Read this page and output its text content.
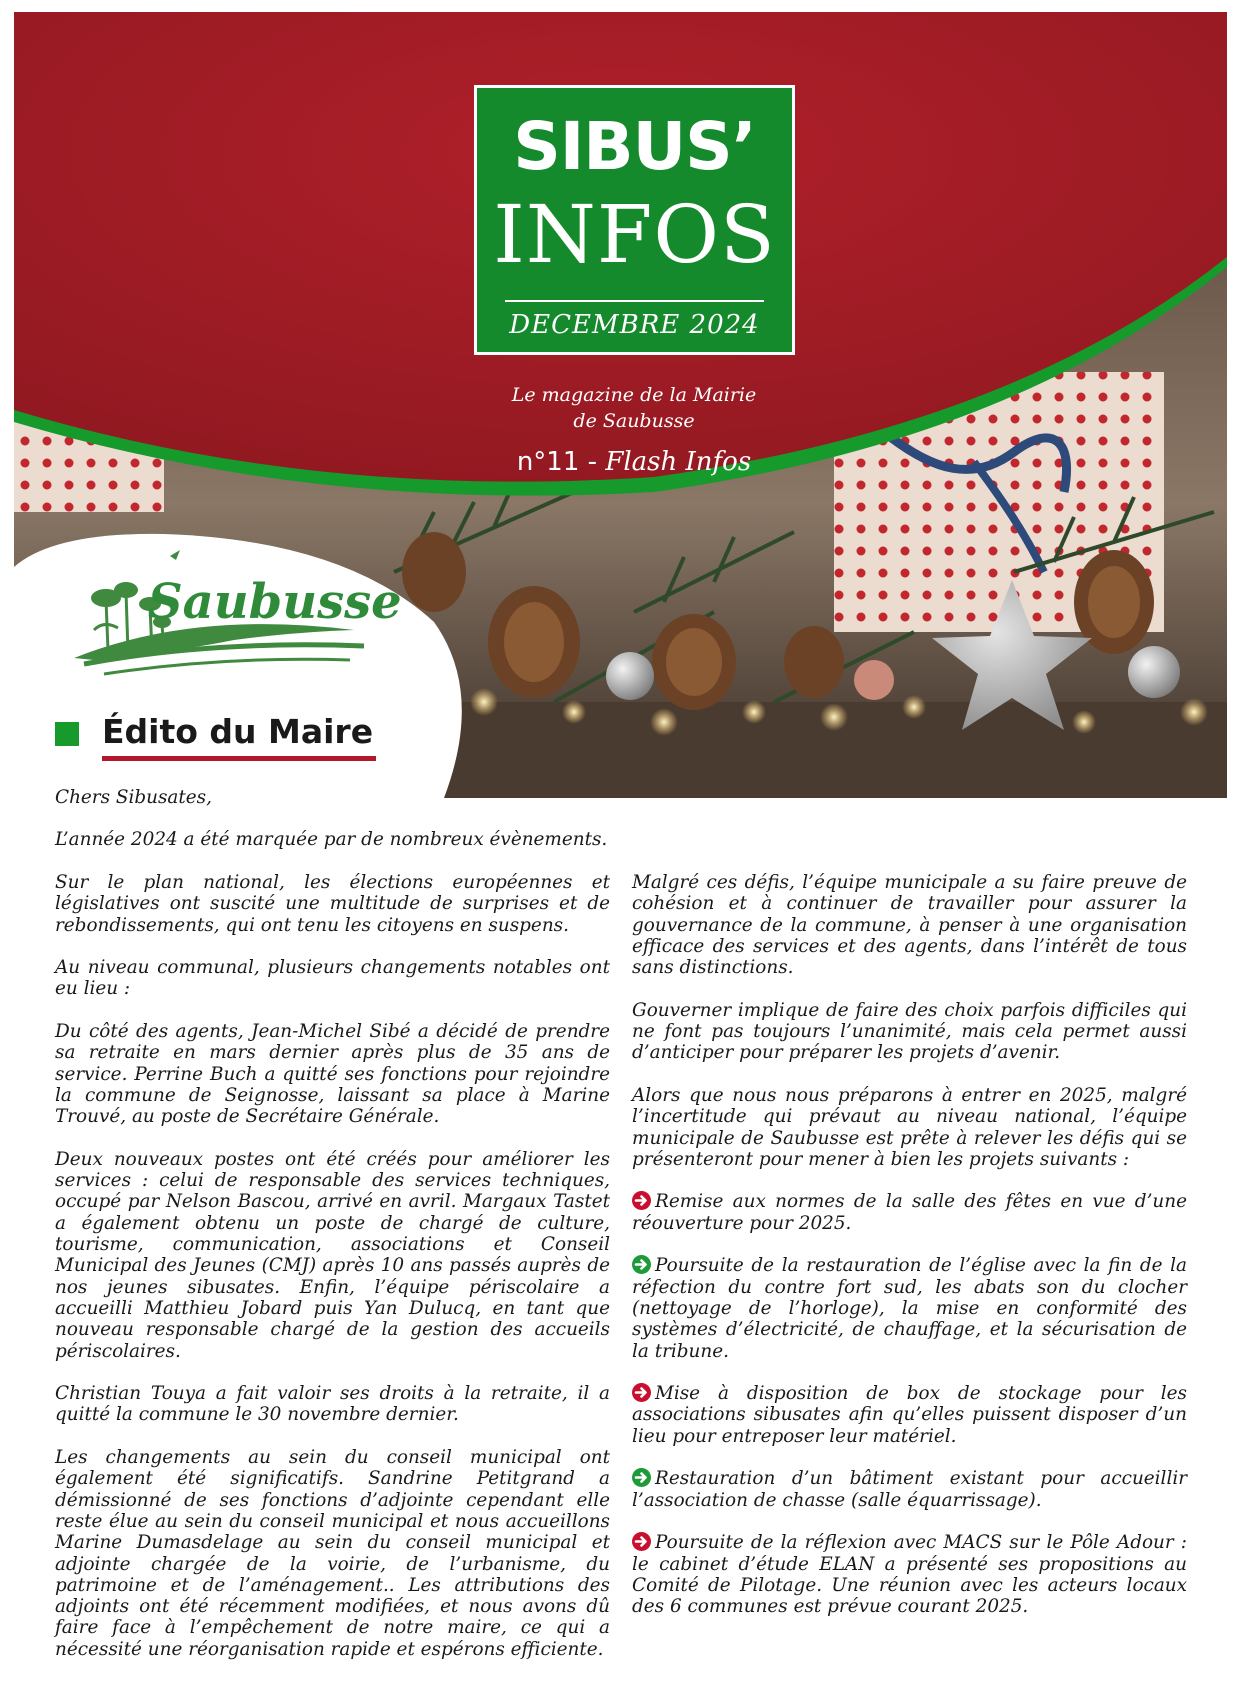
SIBUS’
INFOS
DECEMBRE 2024
Le magazine de la Mairie
de Saubusse
n°11 - Flash Infos
Saubusse
Édito du Maire

Chers Sibusates,

L’année 2024 a été marquée par de nombreux évènements.

Sur le plan national, les élections européennes et législatives ont suscité une multitude de surprises et de rebondissements, qui ont tenu les citoyens en suspens.

Au niveau communal, plusieurs changements notables ont eu lieu :

Du côté des agents, Jean-Michel Sibé a décidé de prendre sa retraite en mars dernier après plus de 35 ans de service. Perrine Buch a quitté ses fonctions pour rejoindre la commune de Seignosse, laissant sa place à Marine Trouvé, au poste de Secrétaire Générale.

Deux nouveaux postes ont été créés pour améliorer les services : celui de responsable des services techniques, occupé par Nelson Bascou, arrivé en avril. Margaux Tastet a également obtenu un poste de chargé de culture, tourisme, communication, associations et Conseil Municipal des Jeunes (CMJ) après 10 ans passés auprès de nos jeunes sibusates. Enfin, l’équipe périscolaire a accueilli Matthieu Jobard puis Yan Dulucq, en tant que nouveau responsable chargé de la gestion des accueils périscolaires.

Christian Touya a fait valoir ses droits à la retraite, il a quitté la commune le 30 novembre dernier.

Les changements au sein du conseil municipal ont également été significatifs. Sandrine Petitgrand a démissionné de ses fonctions d’adjointe cependant elle reste élue au sein du conseil municipal et nous accueillons Marine Dumasdelage au sein du conseil municipal et adjointe chargée de la voirie, de l’urbanisme, du patrimoine et de l’aménagement.. Les attributions des adjoints ont été récemment modifiées, et nous avons dû faire face à l’empêchement de notre maire, ce qui a nécessité une réorganisation rapide et espérons efficiente.

Malgré ces défis, l’équipe municipale a su faire preuve de cohésion et à continuer de travailler pour assurer la gouvernance de la commune, à penser à une organisation efficace des services et des agents, dans l’intérêt de tous sans distinctions.

Gouverner implique de faire des choix parfois difficiles qui ne font pas toujours l’unanimité, mais cela permet aussi d’anticiper pour préparer les projets d’avenir.

Alors que nous nous préparons à entrer en 2025, malgré l’incertitude qui prévaut au niveau national, l’équipe municipale de Saubusse est prête à relever les défis qui se présenteront pour mener à bien les projets suivants :

Remise aux normes de la salle des fêtes en vue d’une réouverture pour 2025.

Poursuite de la restauration de l’église avec la fin de la réfection du contre fort sud, les abats son du clocher (nettoyage de l’horloge), la mise en conformité des systèmes d’électricité, de chauffage, et la sécurisation de la tribune.

Mise à disposition de box de stockage pour les associations sibusates afin qu’elles puissent disposer d’un lieu pour entreposer leur matériel.

Restauration d’un bâtiment existant pour accueillir l’association de chasse (salle équarrissage).

Poursuite de la réflexion avec MACS sur le Pôle Adour : le cabinet d’étude ELAN a présenté ses propositions au Comité de Pilotage. Une réunion avec les acteurs locaux des 6 communes est prévue courant 2025.
